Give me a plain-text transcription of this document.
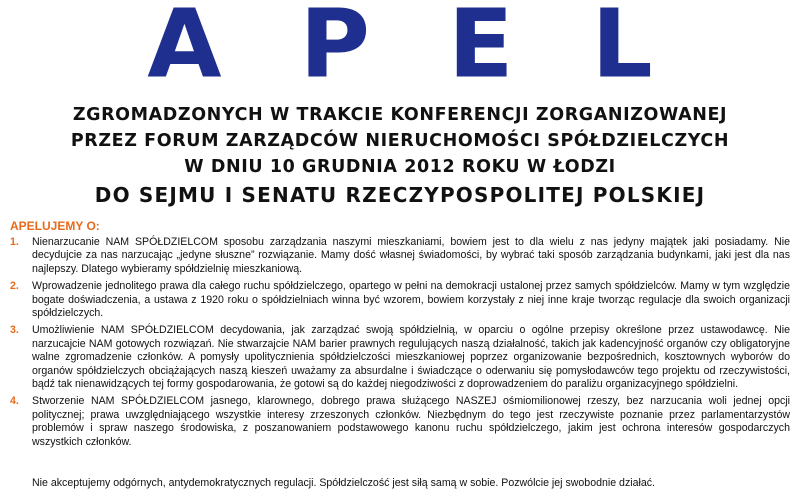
APEL
ZGROMADZONYCH W TRAKCIE KONFERENCJI ZORGANIZOWANEJ
PRZEZ FORUM ZARZĄDCÓW NIERUCHOMOŚCI SPÓŁDZIELCZYCH
W DNIU 10 GRUDNIA 2012 ROKU W ŁODZI
DO SEJMU I SENATU RZECZYPOSPOLITEJ POLSKIEJ
APELUJEMY O:
1. Nienarzucanie NAM SPÓŁDZIELCOM sposobu zarządzania naszymi mieszkaniami, bowiem jest to dla wielu z nas jedyny majątek jaki posiadamy. Nie decydujcie za nas narzucając „jedyne słuszne” rozwiązanie. Mamy dość własnej świadomości, by wybrać taki sposób zarządzania budynkami, jaki jest dla nas najlepszy. Dlatego wybieramy spółdzielnię mieszkaniową.
2. Wprowadzenie jednolitego prawa dla całego ruchu spółdzielczego, opartego w pełni na demokracji ustalonej przez samych spółdzielców. Mamy w tym względzie bogate doświadczenia, a ustawa z 1920 roku o spółdzielniach winna być wzorem, bowiem korzystały z niej inne kraje tworząc regulacje dla swoich organizacji spółdzielczych.
3. Umożliwienie NAM SPÓŁDZIELCOM decydowania, jak zarządzać swoją spółdzielnią, w oparciu o ogólne przepisy określone przez ustawodawcę. Nie narzucajcie NAM gotowych rozwiązań. Nie stwarzajcie NAM barier prawnych regulujących naszą działalność, takich jak kadencyjność organów czy obligatoryjne walne zgromadzenie członków. A pomysły upolitycznienia spółdzielczości mieszkaniowej poprzez organizowanie bezpośrednich, kosztownych wyborów do organów spółdzielczych obciążających naszą kieszeń uważamy za absurdalne i świadczące o oderwaniu się pomysłodawców tego projektu od rzeczywistości, bądź tak nienawidzących tej formy gospodarowania, że gotowi są do każdej niegodziwości z doprowadzeniem do paraliżu organizacyjnego spółdzielni.
4. Stworzenie NAM SPÓŁDZIELCOM jasnego, klarownego, dobrego prawa służącego NASZEJ ośmiomilionowej rzeszy, bez narzucania woli jednej opcji politycznej; prawa uwzględniającego wszystkie interesy zrzeszonych członków. Niezbędnym do tego jest rzeczywiste poznanie przez parlamentarzystów problemów i spraw naszego środowiska, z poszanowaniem podstawowego kanonu ruchu spółdzielczego, jakim jest ochrona interesów gospodarczych wszystkich członków.
Nie akceptujemy odgórnych, antydemokratycznych regulacji. Spółdzielczość jest siłą samą w sobie. Pozwólcie jej swobodnie działać.
